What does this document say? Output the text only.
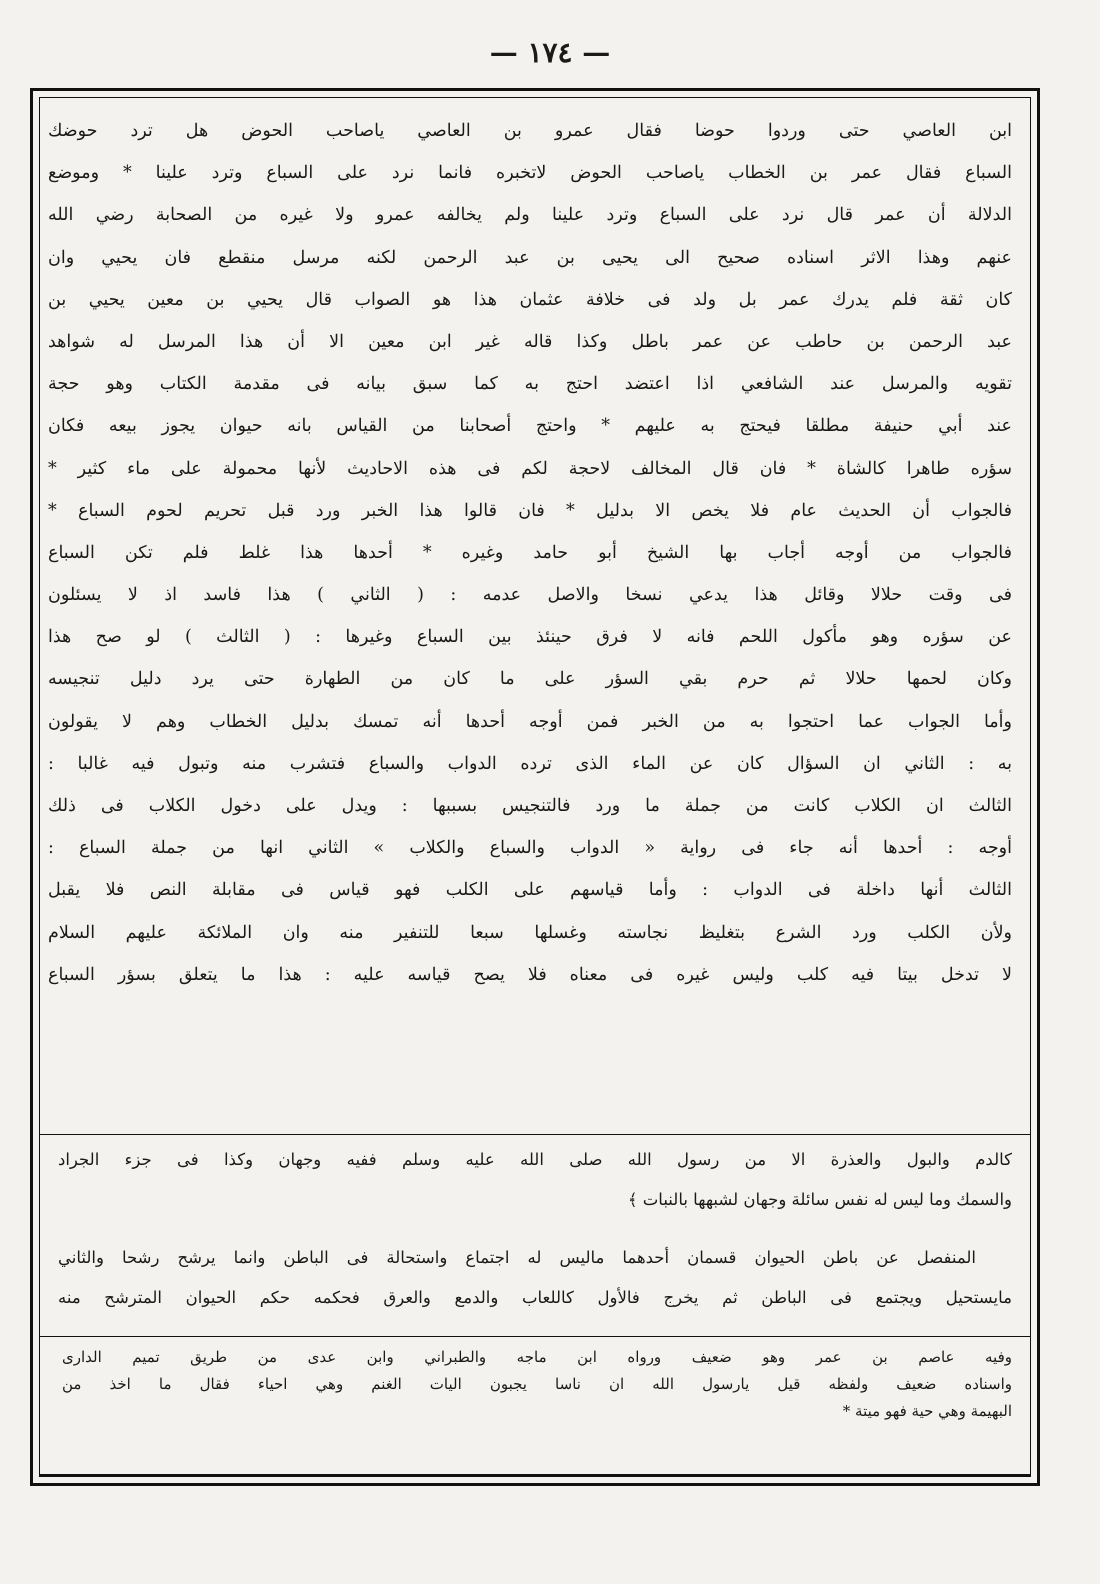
— ١٧٤ —
ابن العاصي حتى وردوا حوضا فقال عمرو بن العاصي ياصاحب الحوض هل ترد حوضك
السباع فقال عمر بن الخطاب ياصاحب الحوض لاتخبره فانما نرد على السباع وترد علينا * وموضع
الدلالة أن عمر قال نرد على السباع وترد علينا ولم يخالفه عمرو ولا غيره من الصحابة رضي الله
عنهم وهذا الاثر اسناده صحيح الى يحيى بن عبد الرحمن لكنه مرسل منقطع فان يحيي وان
كان ثقة فلم يدرك عمر بل ولد فى خلافة عثمان هذا هو الصواب قال يحيي بن معين يحيي بن
عبد الرحمن بن حاطب عن عمر باطل وكذا قاله غير ابن معين الا أن هذا المرسل له شواهد
تقويه والمرسل عند الشافعي اذا اعتضد احتج به كما سبق بيانه فى مقدمة الكتاب وهو حجة
عند أبي حنيفة مطلقا فيحتج به عليهم * واحتج أصحابنا من القياس بانه حيوان يجوز بيعه فكان
سؤره طاهرا كالشاة * فان قال المخالف لاحجة لكم فى هذه الاحاديث لأنها محمولة على ماء كثير *
فالجواب أن الحديث عام فلا يخص الا بدليل * فان قالوا هذا الخبر ورد قبل تحريم لحوم السباع *
فالجواب من أوجه أجاب بها الشيخ أبو حامد وغيره * أحدها هذا غلط فلم تكن السباع
فى وقت حلالا وقائل هذا يدعي نسخا والاصل عدمه : ( الثاني ) هذا فاسد اذ لا يسئلون
عن سؤره وهو مأكول اللحم فانه لا فرق حينئذ بين السباع وغيرها : ( الثالث ) لو صح هذا
وكان لحمها حلالا ثم حرم بقي السؤر على ما كان من الطهارة حتى يرد دليل تنجيسه
وأما الجواب عما احتجوا به من الخبر فمن أوجه أحدها أنه تمسك بدليل الخطاب وهم لا يقولون
به : الثاني ان السؤال كان عن الماء الذى ترده الدواب والسباع فتشرب منه وتبول فيه غالبا :
الثالث ان الكلاب كانت من جملة ما ورد فالتنجيس بسببها : ويدل على دخول الكلاب فى ذلك
أوجه : أحدها أنه جاء فى رواية « الدواب والسباع والكلاب » الثاني انها من جملة السباع :
الثالث أنها داخلة فى الدواب : وأما قياسهم على الكلب فهو قياس فى مقابلة النص فلا يقبل
ولأن الكلب ورد الشرع بتغليظ نجاسته وغسلها سبعا للتنفير منه وان الملائكة عليهم السلام
لا تدخل بيتا فيه كلب وليس غيره فى معناه فلا يصح قياسه عليه : هذا ما يتعلق بسؤر السباع
كالدم والبول والعذرة الا من رسول الله صلى الله عليه وسلم ففيه وجهان وكذا فى جزء الجراد
والسمك وما ليس له نفس سائلة وجهان لشبهها بالنبات ﴾
المنفصل عن باطن الحيوان قسمان أحدهما ماليس له اجتماع واستحالة فى الباطن وانما يرشح رشحا والثاني
مايستحيل ويجتمع فى الباطن ثم يخرج فالأول كاللعاب والدمع والعرق فحكمه حكم الحيوان المترشح منه
وفيه عاصم بن عمر وهو ضعيف ورواه ابن ماجه والطبراني وابن عدى من طريق تميم الدارى
واسناده ضعيف ولفظه قيل يارسول الله ان ناسا يجبون اليات الغنم وهي احياء فقال ما اخذ من
البهيمة وهي حية فهو ميتة *
